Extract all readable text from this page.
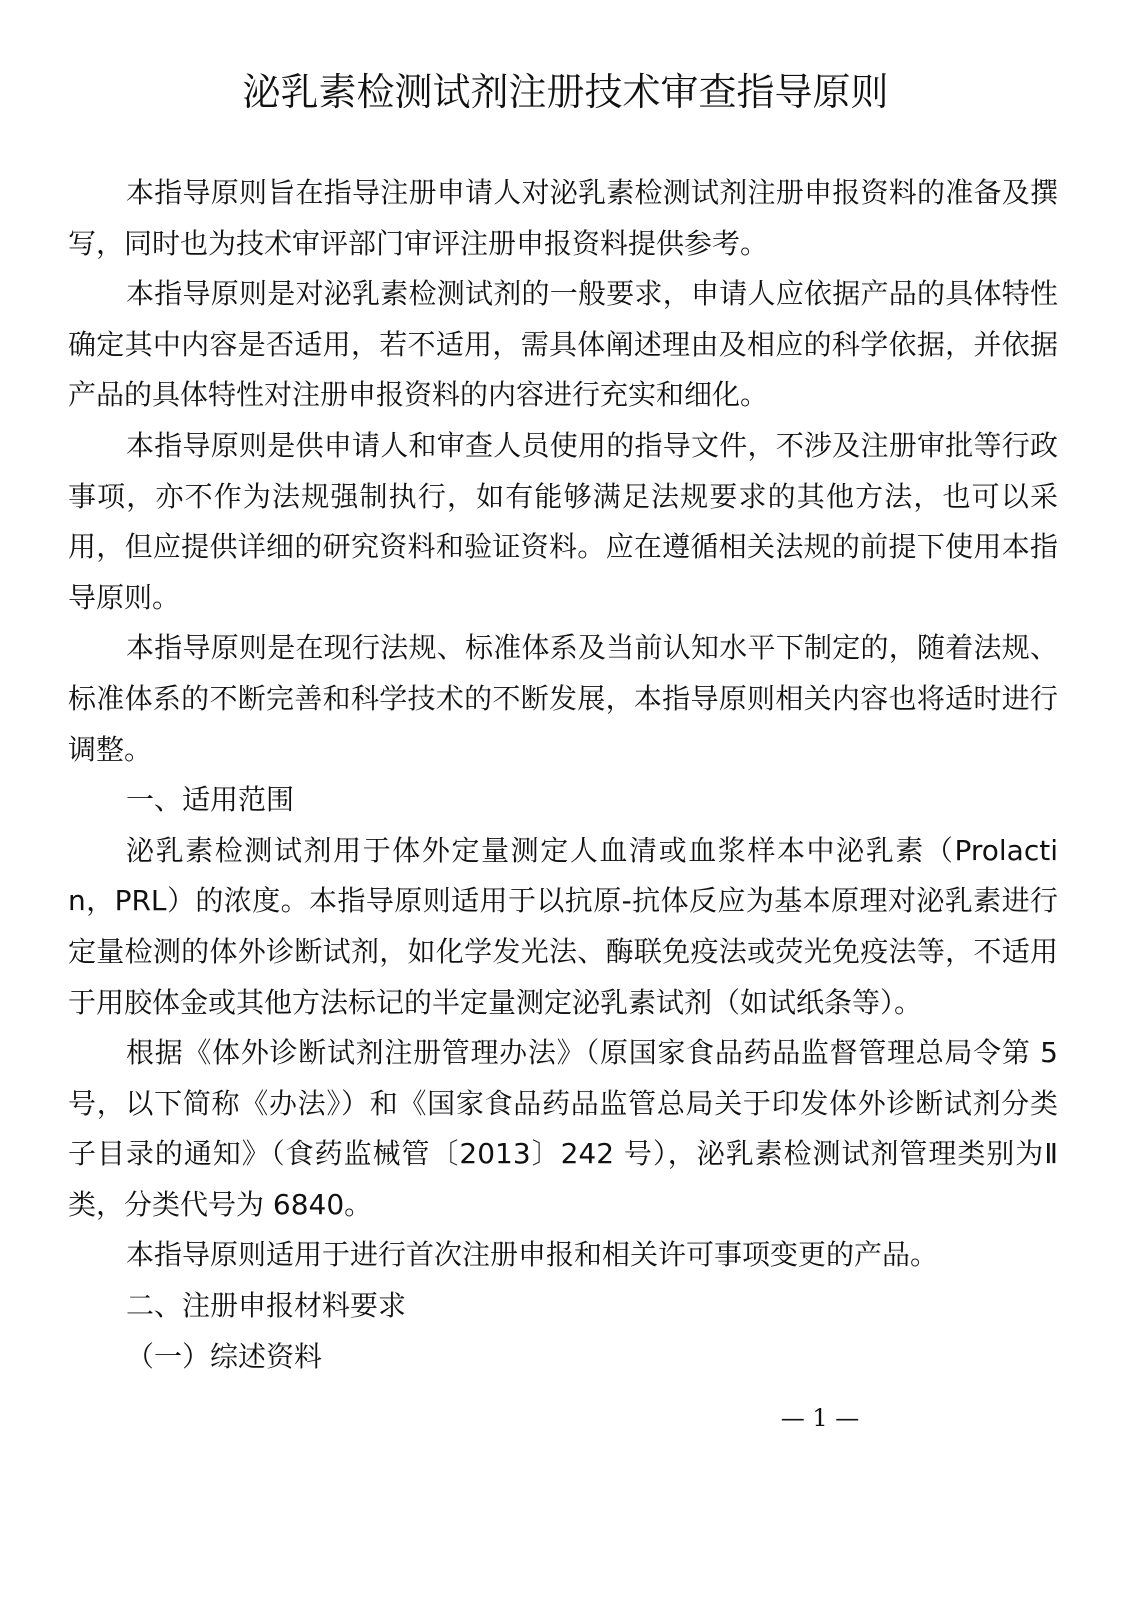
泌乳素检测试剂注册技术审查指导原则

本指导原则旨在指导注册申请人对泌乳素检测试剂注册申报资料的准备及撰写，同时也为技术审评部门审评注册申报资料提供参考。

本指导原则是对泌乳素检测试剂的一般要求，申请人应依据产品的具体特性确定其中内容是否适用，若不适用，需具体阐述理由及相应的科学依据，并依据产品的具体特性对注册申报资料的内容进行充实和细化。

本指导原则是供申请人和审查人员使用的指导文件，不涉及注册审批等行政事项，亦不作为法规强制执行，如有能够满足法规要求的其他方法，也可以采用，但应提供详细的研究资料和验证资料。应在遵循相关法规的前提下使用本指导原则。

本指导原则是在现行法规、标准体系及当前认知水平下制定的，随着法规、标准体系的不断完善和科学技术的不断发展，本指导原则相关内容也将适时进行调整。

一、适用范围

泌乳素检测试剂用于体外定量测定人血清或血浆样本中泌乳素（Prolactin，PRL）的浓度。本指导原则适用于以抗原-抗体反应为基本原理对泌乳素进行定量检测的体外诊断试剂，如化学发光法、酶联免疫法或荧光免疫法等，不适用于用胶体金或其他方法标记的半定量测定泌乳素试剂（如试纸条等）。

根据《体外诊断试剂注册管理办法》（原国家食品药品监督管理总局令第 5 号，以下简称《办法》）和《国家食品药品监管总局关于印发体外诊断试剂分类子目录的通知》（食药监械管〔2013〕242 号），泌乳素检测试剂管理类别为Ⅱ类，分类代号为 6840。

本指导原则适用于进行首次注册申报和相关许可事项变更的产品。

二、注册申报材料要求

（一）综述资料

— 1 —
